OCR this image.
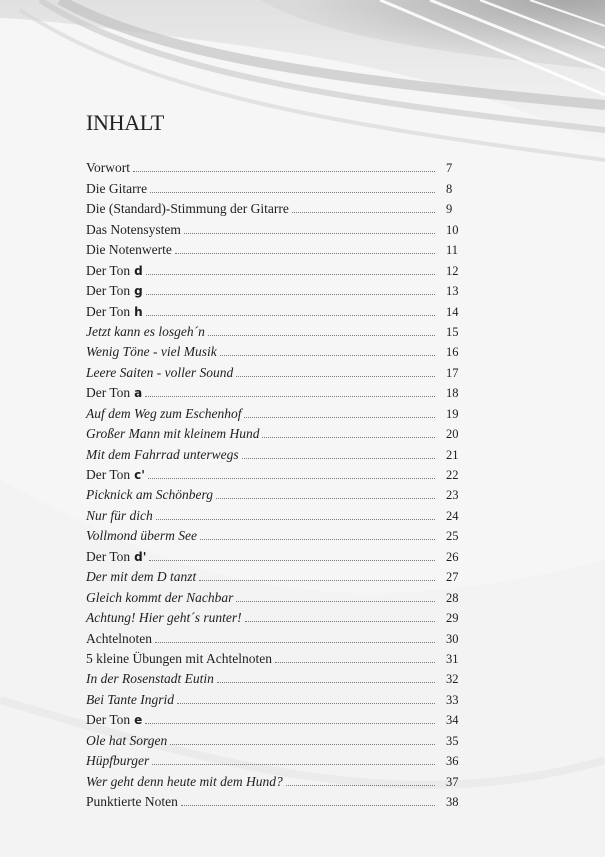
INHALT
Vorwort	7
Die Gitarre	8
Die (Standard)-Stimmung der Gitarre	9
Das Notensystem	10
Die Notenwerte	11
Der Ton d	12
Der Ton g	13
Der Ton h	14
Jetzt kann es losgeh´n	15
Wenig Töne - viel Musik	16
Leere Saiten - voller Sound	17
Der Ton a	18
Auf dem Weg zum Eschenhof	19
Großer Mann mit kleinem Hund	20
Mit dem Fahrrad unterwegs	21
Der Ton c'	22
Picknick am Schönberg	23
Nur für dich	24
Vollmond überm See	25
Der Ton d'	26
Der mit dem D tanzt	27
Gleich kommt der Nachbar	28
Achtung! Hier geht´s runter!	29
Achtelnoten	30
5 kleine Übungen mit Achtelnoten	31
In der Rosenstadt Eutin	32
Bei Tante Ingrid	33
Der Ton e	34
Ole hat Sorgen	35
Hüpfburger	36
Wer geht denn heute mit dem Hund?	37
Punktierte Noten	38
